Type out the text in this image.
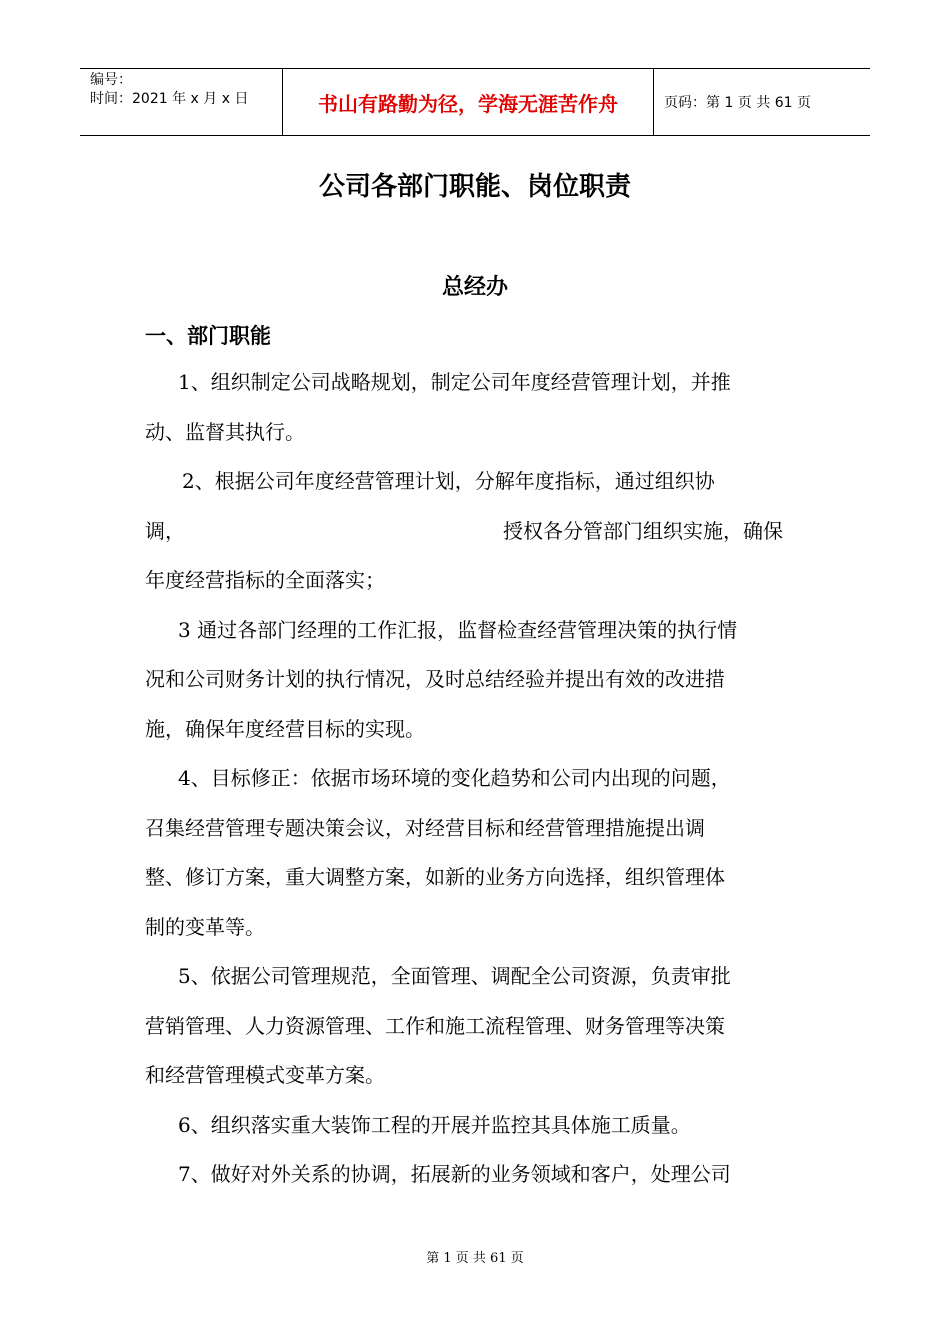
编号：
时间：2021 年 x 月 x 日	书山有路勤为径，学海无涯苦作舟	页码：第 1 页 共 61 页
公司各部门职能、岗位职责
总经办
一、部门职能
1、组织制定公司战略规划，制定公司年度经营管理计划，并推
动、监督其执行。
2、根据公司年度经营管理计划，分解年度指标，通过组织协
调，	授权各分管部门组织实施，确保
年度经营指标的全面落实；
3 通过各部门经理的工作汇报，监督检查经营管理决策的执行情
况和公司财务计划的执行情况，及时总结经验并提出有效的改进措
施，确保年度经营目标的实现。
4、目标修正：依据市场环境的变化趋势和公司内出现的问题，
召集经营管理专题决策会议，对经营目标和经营管理措施提出调
整、修订方案，重大调整方案，如新的业务方向选择，组织管理体
制的变革等。
5、依据公司管理规范，全面管理、调配全公司资源，负责审批
营销管理、人力资源管理、工作和施工流程管理、财务管理等决策
和经营管理模式变革方案。
6、组织落实重大装饰工程的开展并监控其具体施工质量。
7、做好对外关系的协调，拓展新的业务领域和客户，处理公司
第 1 页 共 61 页
